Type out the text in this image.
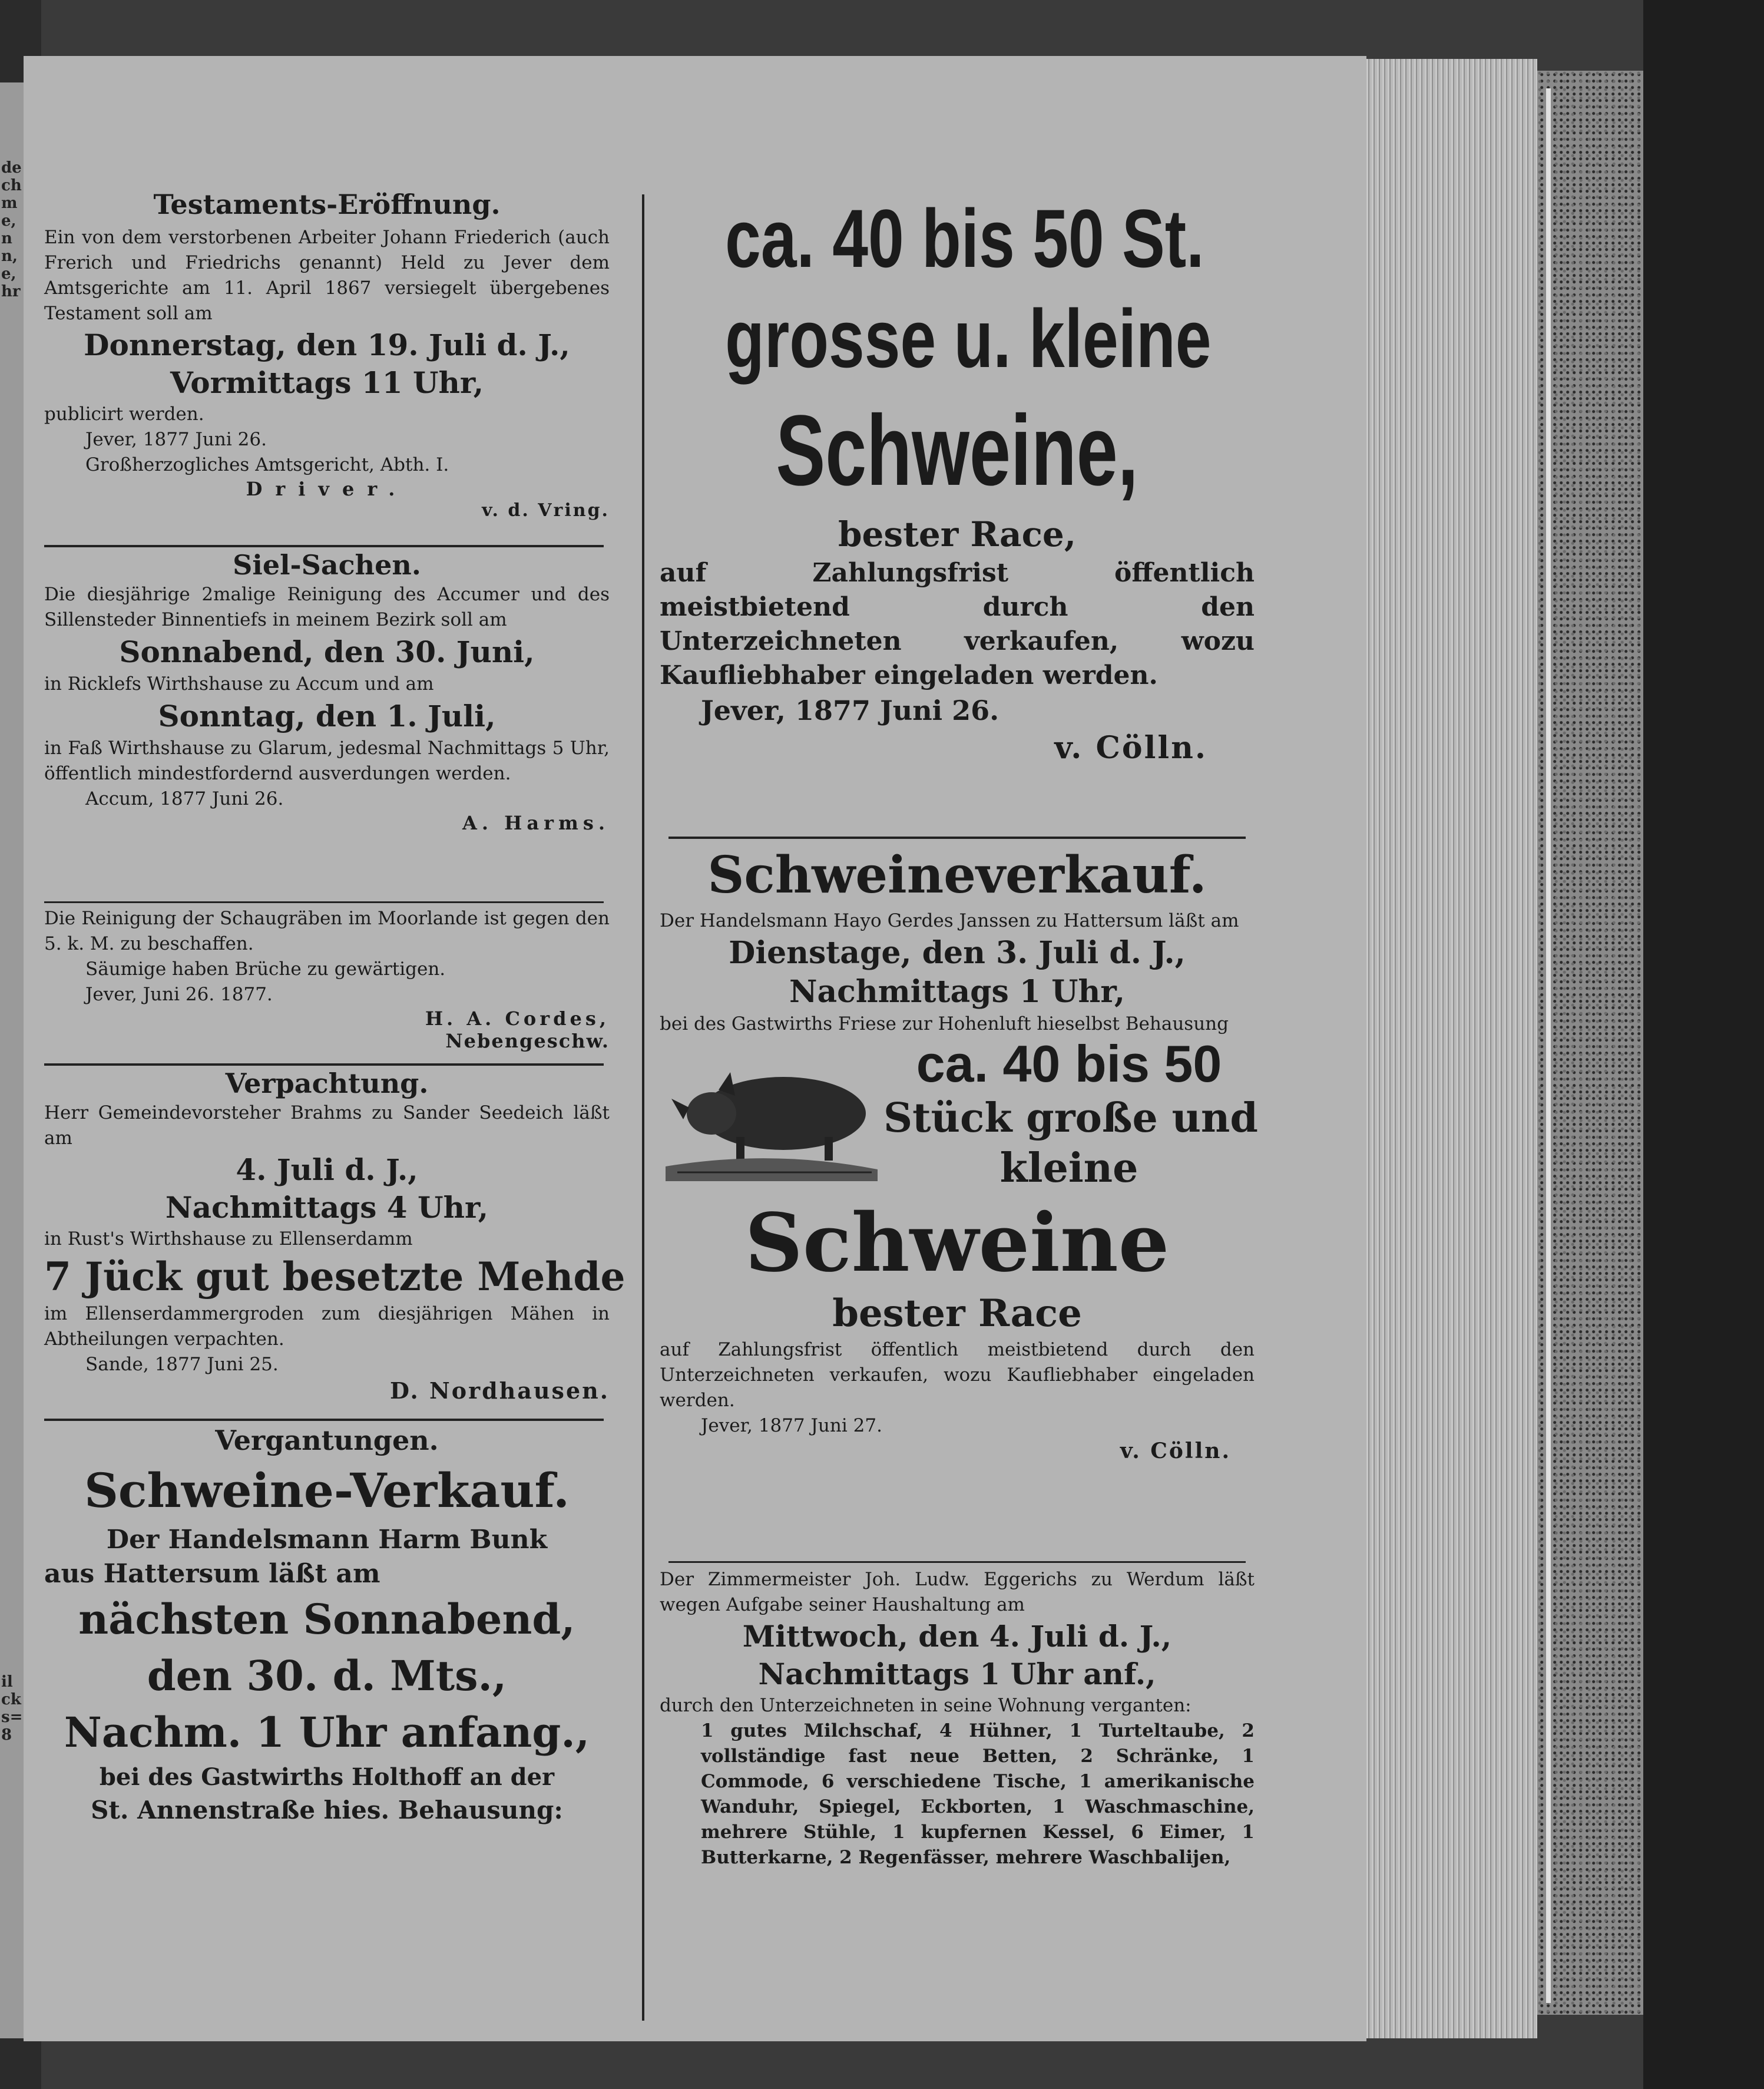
de
ch
m
e,
n
n,
e,
hr
il
ck
s=
8
Testaments-Eröffnung.
Ein von dem verstorbenen Arbeiter Johann Friederich (auch Frerich und Friedrichs genannt) Held zu Jever dem Amtsgerichte am 11. April 1867 versiegelt übergebenes Testament soll am
Donnerstag, den 19. Juli d. J.,
Vormittags 11 Uhr,
publicirt werden.
Jever, 1877 Juni 26.
Großherzogliches Amtsgericht, Abth. I.
Driver.
v. d. Vring.
Siel-Sachen.
Die diesjährige 2malige Reinigung des Accumer und des Sillensteder Binnentiefs in meinem Bezirk soll am
Sonnabend, den 30. Juni,
in Ricklefs Wirthshause zu Accum und am
Sonntag, den 1. Juli,
in Faß Wirthshause zu Glarum, jedesmal Nachmittags 5 Uhr, öffentlich mindestfordernd ausverdungen werden.
Accum, 1877 Juni 26.
A. Harms.
Die Reinigung der Schaugräben im Moorlande ist gegen den 5. k. M. zu beschaffen.
Säumige haben Brüche zu gewärtigen.
Jever, Juni 26. 1877.
H. A. Cordes,
Nebengeschw.
Verpachtung.
Herr Gemeindevorsteher Brahms zu Sander Seedeich läßt am
4. Juli d. J.,
Nachmittags 4 Uhr,
in Rust's Wirthshause zu Ellenserdamm
7 Jück gut besetzte Mehde
im Ellenserdammergroden zum diesjährigen Mähen in Abtheilungen verpachten.
Sande, 1877 Juni 25.
D. Nordhausen.
Vergantungen.
Schweine-Verkauf.
Der Handelsmann Harm Bunk
aus Hattersum läßt am
nächsten Sonnabend,
den 30. d. Mts.,
Nachm. 1 Uhr anfang.,
bei des Gastwirths Holthoff an der
St. Annenstraße hies. Behausung:
ca. 40 bis 50 St.
grosse u. kleine
Schweine,
bester Race,
auf Zahlungsfrist öffentlich meistbietend durch den Unterzeichneten verkaufen, wozu Kaufliebhaber eingeladen werden.
Jever, 1877 Juni 26.
v. Cölln.
Schweineverkauf.
Der Handelsmann Hayo Gerdes Janssen zu Hattersum läßt am
Dienstage, den 3. Juli d. J.,
Nachmittags 1 Uhr,
bei des Gastwirths Friese zur Hohenluft hieselbst Behausung
ca. 40 bis 50
Stück große und
kleine
Schweine
bester Race
auf Zahlungsfrist öffentlich meistbietend durch den Unterzeichneten verkaufen, wozu Kaufliebhaber eingeladen werden.
Jever, 1877 Juni 27.
v. Cölln.
Der Zimmermeister Joh. Ludw. Eggerichs zu Werdum läßt wegen Aufgabe seiner Haushaltung am
Mittwoch, den 4. Juli d. J.,
Nachmittags 1 Uhr anf.,
durch den Unterzeichneten in seine Wohnung verganten:
1 gutes Milchschaf, 4 Hühner, 1 Turteltaube, 2 vollständige fast neue Betten, 2 Schränke, 1 Commode, 6 verschiedene Tische, 1 amerikanische Wanduhr, Spiegel, Eckborten, 1 Waschmaschine, mehrere Stühle, 1 kupfernen Kessel, 6 Eimer, 1 Butterkarne, 2 Regenfässer, mehrere Waschbalijen,
